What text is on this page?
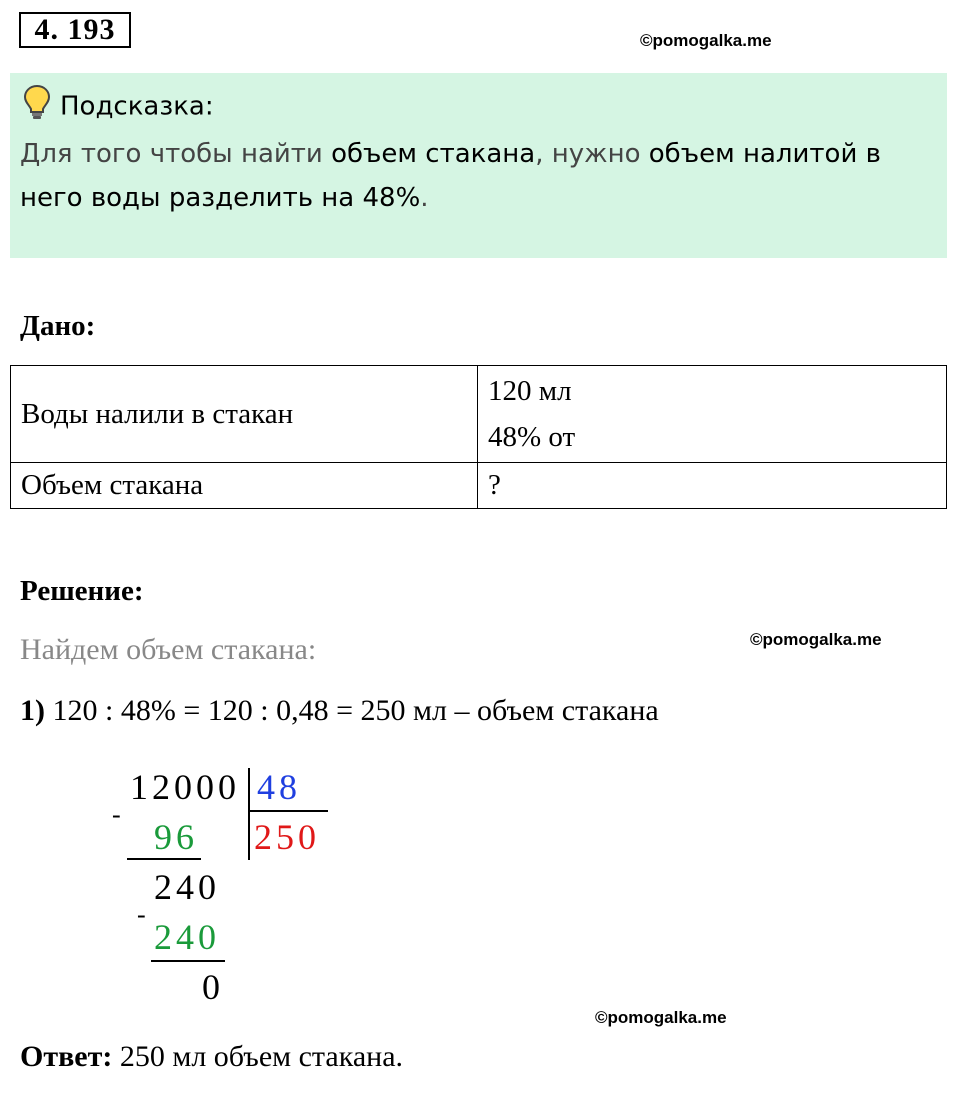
4. 193	©pomogalka.me
Подсказка:
Для того чтобы найти объем стакана, нужно объем налитой в него воды разделить на 48%.
Дано:
Воды налили в стакан	120 мл
48% от

Объем стакана	?
Решение:
Найдем объем стакана:	©pomogalka.me
1) 120 : 48% = 120 : 0,48 = 250 мл – объем стакана
12000 48
250
-
96
240
-
240
0
©pomogalka.me
Ответ: 250 мл объем стакана.
